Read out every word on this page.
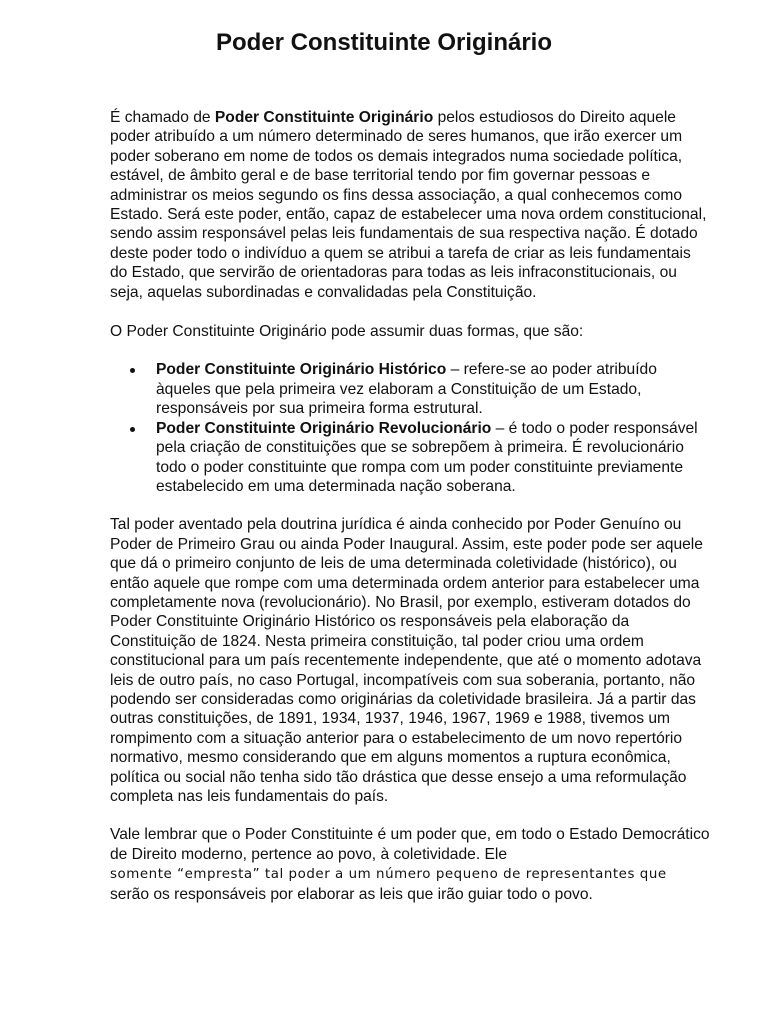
Poder Constituinte Originário

É chamado de Poder Constituinte Originário pelos estudiosos do Direito aquele poder atribuído a um número determinado de seres humanos, que irão exercer um poder soberano em nome de todos os demais integrados numa sociedade política, estável, de âmbito geral e de base territorial tendo por fim governar pessoas e administrar os meios segundo os fins dessa associação, a qual conhecemos como Estado. Será este poder, então, capaz de estabelecer uma nova ordem constitucional, sendo assim responsável pelas leis fundamentais de sua respectiva nação. É dotado deste poder todo o indivíduo a quem se atribui a tarefa de criar as leis fundamentais do Estado, que servirão de orientadoras para todas as leis infraconstitucionais, ou seja, aquelas subordinadas e convalidadas pela Constituição.

O Poder Constituinte Originário pode assumir duas formas, que são:

Poder Constituinte Originário Histórico – refere-se ao poder atribuído àqueles que pela primeira vez elaboram a Constituição de um Estado, responsáveis por sua primeira forma estrutural.
Poder Constituinte Originário Revolucionário – é todo o poder responsável pela criação de constituições que se sobrepõem à primeira. É revolucionário todo o poder constituinte que rompa com um poder constituinte previamente estabelecido em uma determinada nação soberana.

Tal poder aventado pela doutrina jurídica é ainda conhecido por Poder Genuíno ou Poder de Primeiro Grau ou ainda Poder Inaugural. Assim, este poder pode ser aquele que dá o primeiro conjunto de leis de uma determinada coletividade (histórico), ou então aquele que rompe com uma determinada ordem anterior para estabelecer uma completamente nova (revolucionário). No Brasil, por exemplo, estiveram dotados do Poder Constituinte Originário Histórico os responsáveis pela elaboração da Constituição de 1824. Nesta primeira constituição, tal poder criou uma ordem constitucional para um país recentemente independente, que até o momento adotava leis de outro país, no caso Portugal, incompatíveis com sua soberania, portanto, não podendo ser consideradas como originárias da coletividade brasileira. Já a partir das outras constituições, de 1891, 1934, 1937, 1946, 1967, 1969 e 1988, tivemos um rompimento com a situação anterior para o estabelecimento de um novo repertório normativo, mesmo considerando que em alguns momentos a ruptura econômica, política ou social não tenha sido tão drástica que desse ensejo a uma reformulação completa nas leis fundamentais do país.

Vale lembrar que o Poder Constituinte é um poder que, em todo o Estado Democrático de Direito moderno, pertence ao povo, à coletividade. Ele
somente “empresta” tal poder a um número pequeno de representantes que
serão os responsáveis por elaborar as leis que irão guiar todo o povo.
